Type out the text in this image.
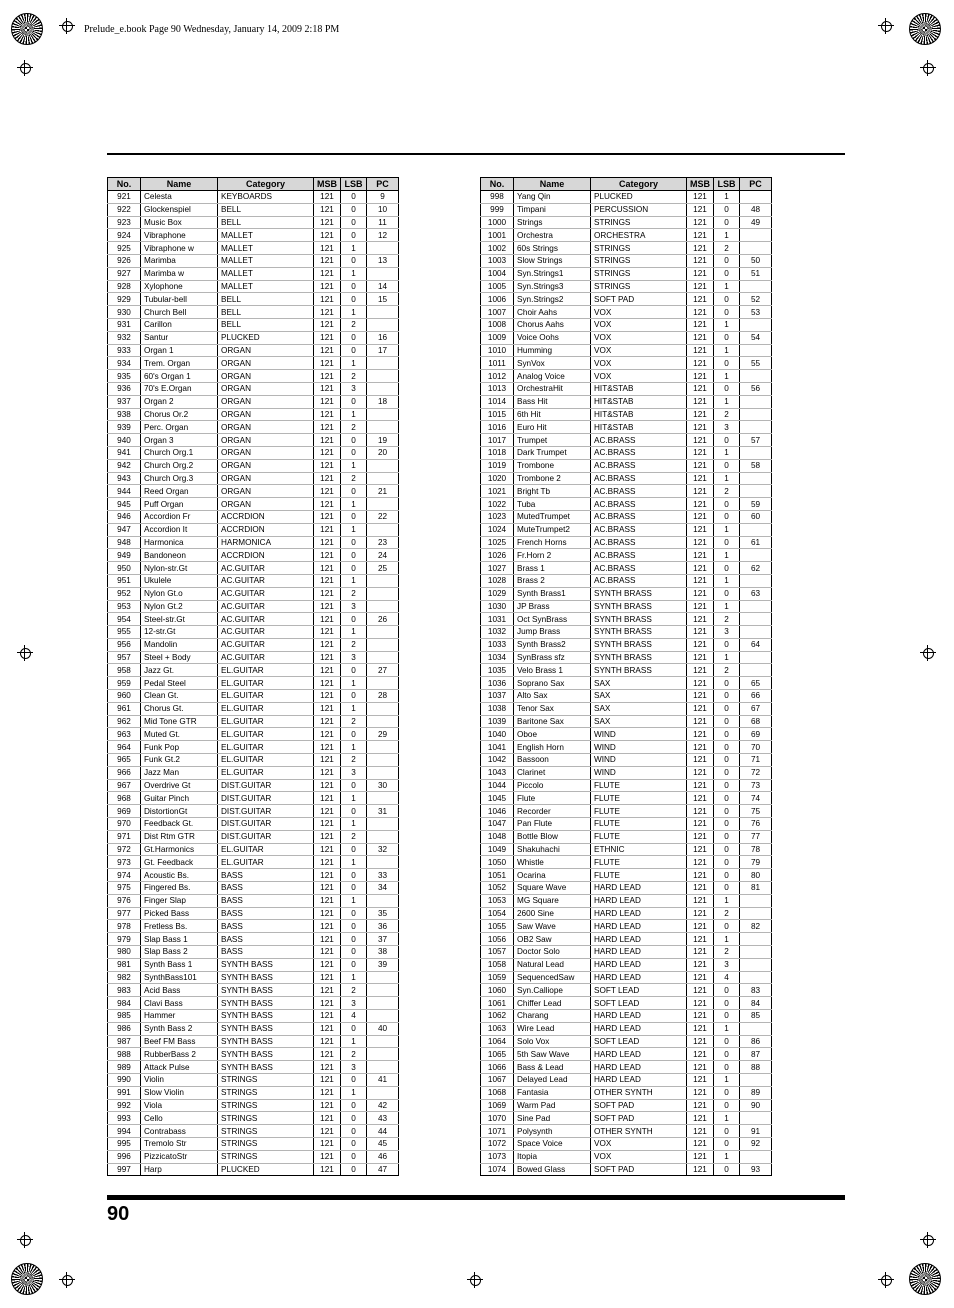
Prelude_e.book Page 90 Wednesday, January 14, 2009 2:18 PM
No.	Name	Category	MSB	LSB	PC
921	Celesta	KEYBOARDS	121	0	9
922	Glockenspiel	BELL	121	0	10
923	Music Box	BELL	121	0	11
924	Vibraphone	MALLET	121	0	12
925	Vibraphone w	MALLET	121	1	
926	Marimba	MALLET	121	0	13
927	Marimba w	MALLET	121	1	
928	Xylophone	MALLET	121	0	14
929	Tubular-bell	BELL	121	0	15
930	Church Bell	BELL	121	1	
931	Carillon	BELL	121	2	
932	Santur	PLUCKED	121	0	16
933	Organ 1	ORGAN	121	0	17
934	Trem. Organ	ORGAN	121	1	
935	60's Organ 1	ORGAN	121	2	
936	70's E.Organ	ORGAN	121	3	
937	Organ 2	ORGAN	121	0	18
938	Chorus Or.2	ORGAN	121	1	
939	Perc. Organ	ORGAN	121	2	
940	Organ 3	ORGAN	121	0	19
941	Church Org.1	ORGAN	121	0	20
942	Church Org.2	ORGAN	121	1	
943	Church Org.3	ORGAN	121	2	
944	Reed Organ	ORGAN	121	0	21
945	Puff Organ	ORGAN	121	1	
946	Accordion Fr	ACCRDION	121	0	22
947	Accordion It	ACCRDION	121	1	
948	Harmonica	HARMONICA	121	0	23
949	Bandoneon	ACCRDION	121	0	24
950	Nylon-str.Gt	AC.GUITAR	121	0	25
951	Ukulele	AC.GUITAR	121	1	
952	Nylon Gt.o	AC.GUITAR	121	2	
953	Nylon Gt.2	AC.GUITAR	121	3	
954	Steel-str.Gt	AC.GUITAR	121	0	26
955	12-str.Gt	AC.GUITAR	121	1	
956	Mandolin	AC.GUITAR	121	2	
957	Steel + Body	AC.GUITAR	121	3	
958	Jazz Gt.	EL.GUITAR	121	0	27
959	Pedal Steel	EL.GUITAR	121	1	
960	Clean Gt.	EL.GUITAR	121	0	28
961	Chorus Gt.	EL.GUITAR	121	1	
962	Mid Tone GTR	EL.GUITAR	121	2	
963	Muted Gt.	EL.GUITAR	121	0	29
964	Funk Pop	EL.GUITAR	121	1	
965	Funk Gt.2	EL.GUITAR	121	2	
966	Jazz Man	EL.GUITAR	121	3	
967	Overdrive Gt	DIST.GUITAR	121	0	30
968	Guitar Pinch	DIST.GUITAR	121	1	
969	DistortionGt	DIST.GUITAR	121	0	31
970	Feedback Gt.	DIST.GUITAR	121	1	
971	Dist Rtm GTR	DIST.GUITAR	121	2	
972	Gt.Harmonics	EL.GUITAR	121	0	32
973	Gt. Feedback	EL.GUITAR	121	1	
974	Acoustic Bs.	BASS	121	0	33
975	Fingered Bs.	BASS	121	0	34
976	Finger Slap	BASS	121	1	
977	Picked Bass	BASS	121	0	35
978	Fretless Bs.	BASS	121	0	36
979	Slap Bass 1	BASS	121	0	37
980	Slap Bass 2	BASS	121	0	38
981	Synth Bass 1	SYNTH BASS	121	0	39
982	SynthBass101	SYNTH BASS	121	1	
983	Acid Bass	SYNTH BASS	121	2	
984	Clavi Bass	SYNTH BASS	121	3	
985	Hammer	SYNTH BASS	121	4	
986	Synth Bass 2	SYNTH BASS	121	0	40
987	Beef FM Bass	SYNTH BASS	121	1	
988	RubberBass 2	SYNTH BASS	121	2	
989	Attack Pulse	SYNTH BASS	121	3	
990	Violin	STRINGS	121	0	41
991	Slow Violin	STRINGS	121	1	
992	Viola	STRINGS	121	0	42
993	Cello	STRINGS	121	0	43
994	Contrabass	STRINGS	121	0	44
995	Tremolo Str	STRINGS	121	0	45
996	PizzicatoStr	STRINGS	121	0	46
997	Harp	PLUCKED	121	0	47
No.	Name	Category	MSB	LSB	PC
998	Yang Qin	PLUCKED	121	1	
999	Timpani	PERCUSSION	121	0	48
1000	Strings	STRINGS	121	0	49
1001	Orchestra	ORCHESTRA	121	1	
1002	60s Strings	STRINGS	121	2	
1003	Slow Strings	STRINGS	121	0	50
1004	Syn.Strings1	STRINGS	121	0	51
1005	Syn.Strings3	STRINGS	121	1	
1006	Syn.Strings2	SOFT PAD	121	0	52
1007	Choir Aahs	VOX	121	0	53
1008	Chorus Aahs	VOX	121	1	
1009	Voice Oohs	VOX	121	0	54
1010	Humming	VOX	121	1	
1011	SynVox	VOX	121	0	55
1012	Analog Voice	VOX	121	1	
1013	OrchestraHit	HIT&STAB	121	0	56
1014	Bass Hit	HIT&STAB	121	1	
1015	6th Hit	HIT&STAB	121	2	
1016	Euro Hit	HIT&STAB	121	3	
1017	Trumpet	AC.BRASS	121	0	57
1018	Dark Trumpet	AC.BRASS	121	1	
1019	Trombone	AC.BRASS	121	0	58
1020	Trombone 2	AC.BRASS	121	1	
1021	Bright Tb	AC.BRASS	121	2	
1022	Tuba	AC.BRASS	121	0	59
1023	MutedTrumpet	AC.BRASS	121	0	60
1024	MuteTrumpet2	AC.BRASS	121	1	
1025	French Horns	AC.BRASS	121	0	61
1026	Fr.Horn 2	AC.BRASS	121	1	
1027	Brass 1	AC.BRASS	121	0	62
1028	Brass 2	AC.BRASS	121	1	
1029	Synth Brass1	SYNTH BRASS	121	0	63
1030	JP Brass	SYNTH BRASS	121	1	
1031	Oct SynBrass	SYNTH BRASS	121	2	
1032	Jump Brass	SYNTH BRASS	121	3	
1033	Synth Brass2	SYNTH BRASS	121	0	64
1034	SynBrass sfz	SYNTH BRASS	121	1	
1035	Velo Brass 1	SYNTH BRASS	121	2	
1036	Soprano Sax	SAX	121	0	65
1037	Alto Sax	SAX	121	0	66
1038	Tenor Sax	SAX	121	0	67
1039	Baritone Sax	SAX	121	0	68
1040	Oboe	WIND	121	0	69
1041	English Horn	WIND	121	0	70
1042	Bassoon	WIND	121	0	71
1043	Clarinet	WIND	121	0	72
1044	Piccolo	FLUTE	121	0	73
1045	Flute	FLUTE	121	0	74
1046	Recorder	FLUTE	121	0	75
1047	Pan Flute	FLUTE	121	0	76
1048	Bottle Blow	FLUTE	121	0	77
1049	Shakuhachi	ETHNIC	121	0	78
1050	Whistle	FLUTE	121	0	79
1051	Ocarina	FLUTE	121	0	80
1052	Square Wave	HARD LEAD	121	0	81
1053	MG Square	HARD LEAD	121	1	
1054	2600 Sine	HARD LEAD	121	2	
1055	Saw Wave	HARD LEAD	121	0	82
1056	OB2 Saw	HARD LEAD	121	1	
1057	Doctor Solo	HARD LEAD	121	2	
1058	Natural Lead	HARD LEAD	121	3	
1059	SequencedSaw	HARD LEAD	121	4	
1060	Syn.Calliope	SOFT LEAD	121	0	83
1061	Chiffer Lead	SOFT LEAD	121	0	84
1062	Charang	HARD LEAD	121	0	85
1063	Wire Lead	HARD LEAD	121	1	
1064	Solo Vox	SOFT LEAD	121	0	86
1065	5th Saw Wave	HARD LEAD	121	0	87
1066	Bass & Lead	HARD LEAD	121	0	88
1067	Delayed Lead	HARD LEAD	121	1	
1068	Fantasia	OTHER SYNTH	121	0	89
1069	Warm Pad	SOFT PAD	121	0	90
1070	Sine Pad	SOFT PAD	121	1	
1071	Polysynth	OTHER SYNTH	121	0	91
1072	Space Voice	VOX	121	0	92
1073	Itopia	VOX	121	1	
1074	Bowed Glass	SOFT PAD	121	0	93
90
